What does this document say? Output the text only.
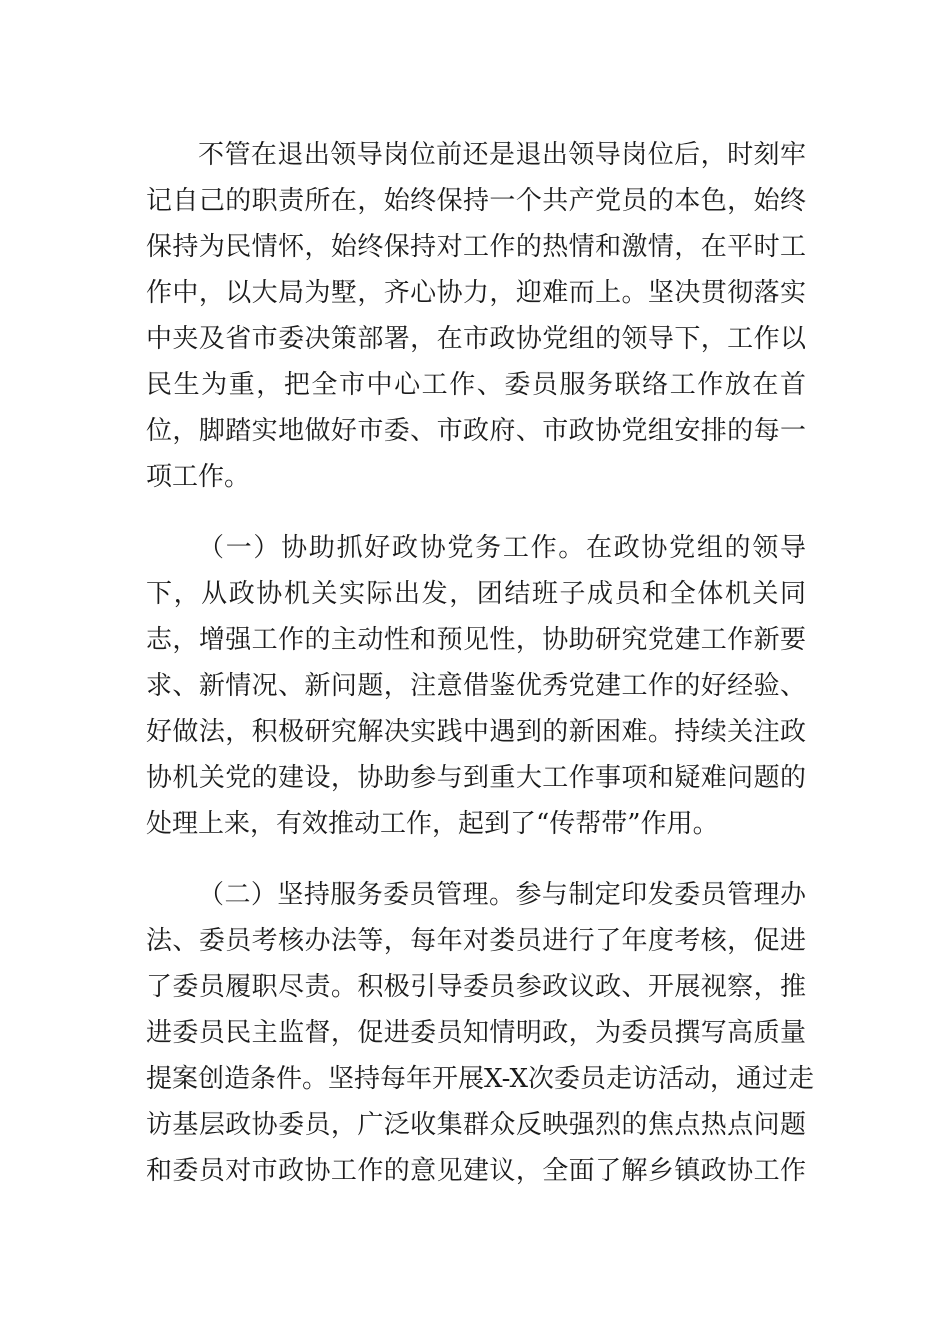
不管在退出领导岗位前还是退出领导岗位后，时刻牢
记自己的职责所在，始终保持一个共产党员的本色，始终
保持为民情怀，始终保持对工作的热情和激情，在平时工
作中，以大局为墅，齐心协力，迎难而上。坚决贯彻落实
中夹及省市委决策部署，在市政协党组的领导下，工作以
民生为重，把全市中心工作、委员服务联络工作放在首
位，脚踏实地做好市委、市政府、市政协党组安排的每一
项工作。
（一）协助抓好政协党务工作。在政协党组的领导
下，从政协机关实际出发，团结班子成员和全体机关同
志，增强工作的主动性和预见性，协助研究党建工作新要
求、新情况、新问题，注意借鉴优秀党建工作的好经验、
好做法，积极研究解决实践中遇到的新困难。持续关注政
协机关党的建设，协助参与到重大工作事项和疑难问题的
处理上来，有效推动工作，起到了“传帮带”作用。
（二）坚持服务委员管理。参与制定印发委员管理办
法、委员考核办法等，每年对娄员进行了年度考核，促进
了委员履职尽责。积极引导委员参政议政、开展视察，推
进委员民主监督，促进委员知情明政，为委员撰写高质量
提案创造条件。坚持每年开展X-X次委员走访活动，通过走
访基层政协委员，广泛收集群众反映强烈的焦点热点问题
和委员对市政协工作的意见建议，全面了解乡镇政协工作
